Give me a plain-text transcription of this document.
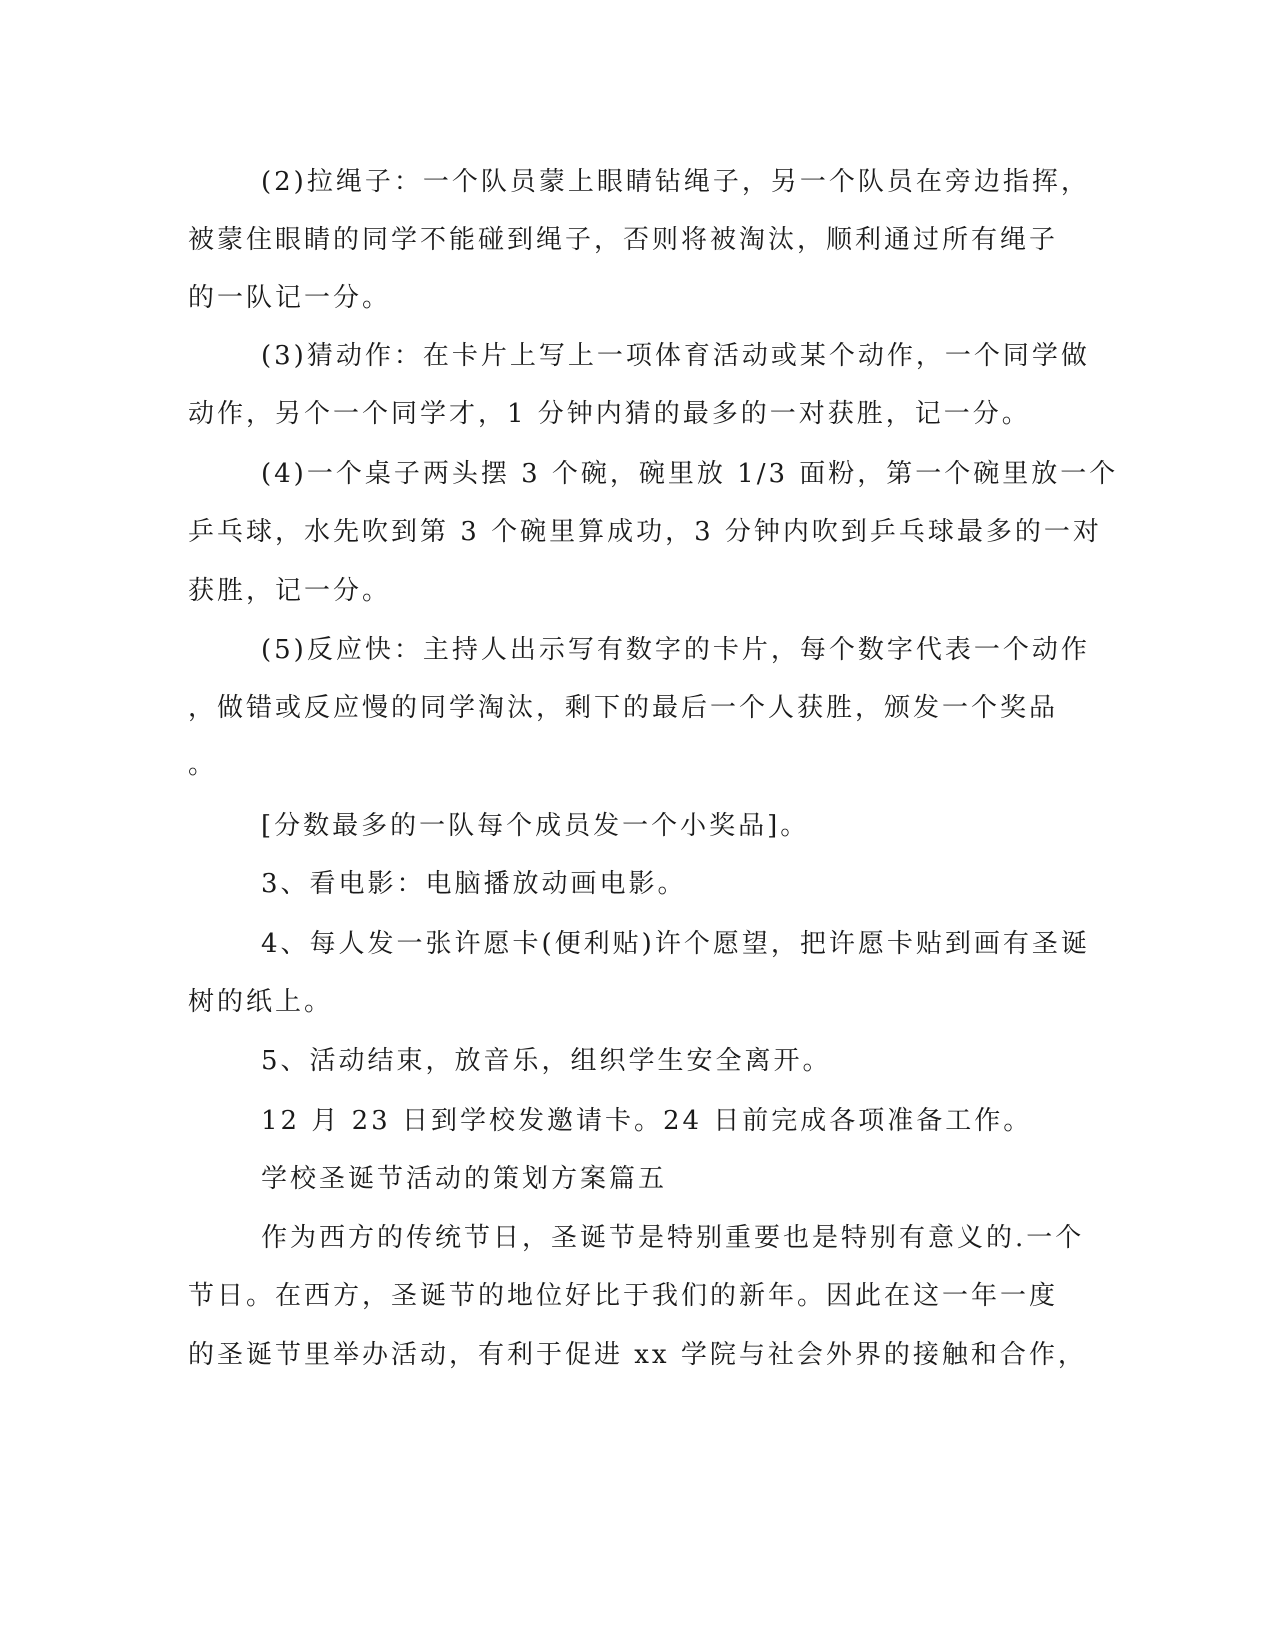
(2)拉绳子：一个队员蒙上眼睛钻绳子，另一个队员在旁边指挥，

被蒙住眼睛的同学不能碰到绳子，否则将被淘汰，顺利通过所有绳子

的一队记一分。

(3)猜动作：在卡片上写上一项体育活动或某个动作，一个同学做

动作，另个一个同学才，1 分钟内猜的最多的一对获胜，记一分。

(4)一个桌子两头摆 3 个碗，碗里放 1/3 面粉，第一个碗里放一个

乒乓球，水先吹到第 3 个碗里算成功，3 分钟内吹到乒乓球最多的一对

获胜，记一分。

(5)反应快：主持人出示写有数字的卡片，每个数字代表一个动作

，做错或反应慢的同学淘汰，剩下的最后一个人获胜，颁发一个奖品

。

[分数最多的一队每个成员发一个小奖品]。

3、看电影：电脑播放动画电影。

4、每人发一张许愿卡(便利贴)许个愿望，把许愿卡贴到画有圣诞

树的纸上。

5、活动结束，放音乐，组织学生安全离开。

12 月 23 日到学校发邀请卡。24 日前完成各项准备工作。

学校圣诞节活动的策划方案篇五

作为西方的传统节日，圣诞节是特别重要也是特别有意义的.一个

节日。在西方，圣诞节的地位好比于我们的新年。因此在这一年一度

的圣诞节里举办活动，有利于促进 xx 学院与社会外界的接触和合作，
